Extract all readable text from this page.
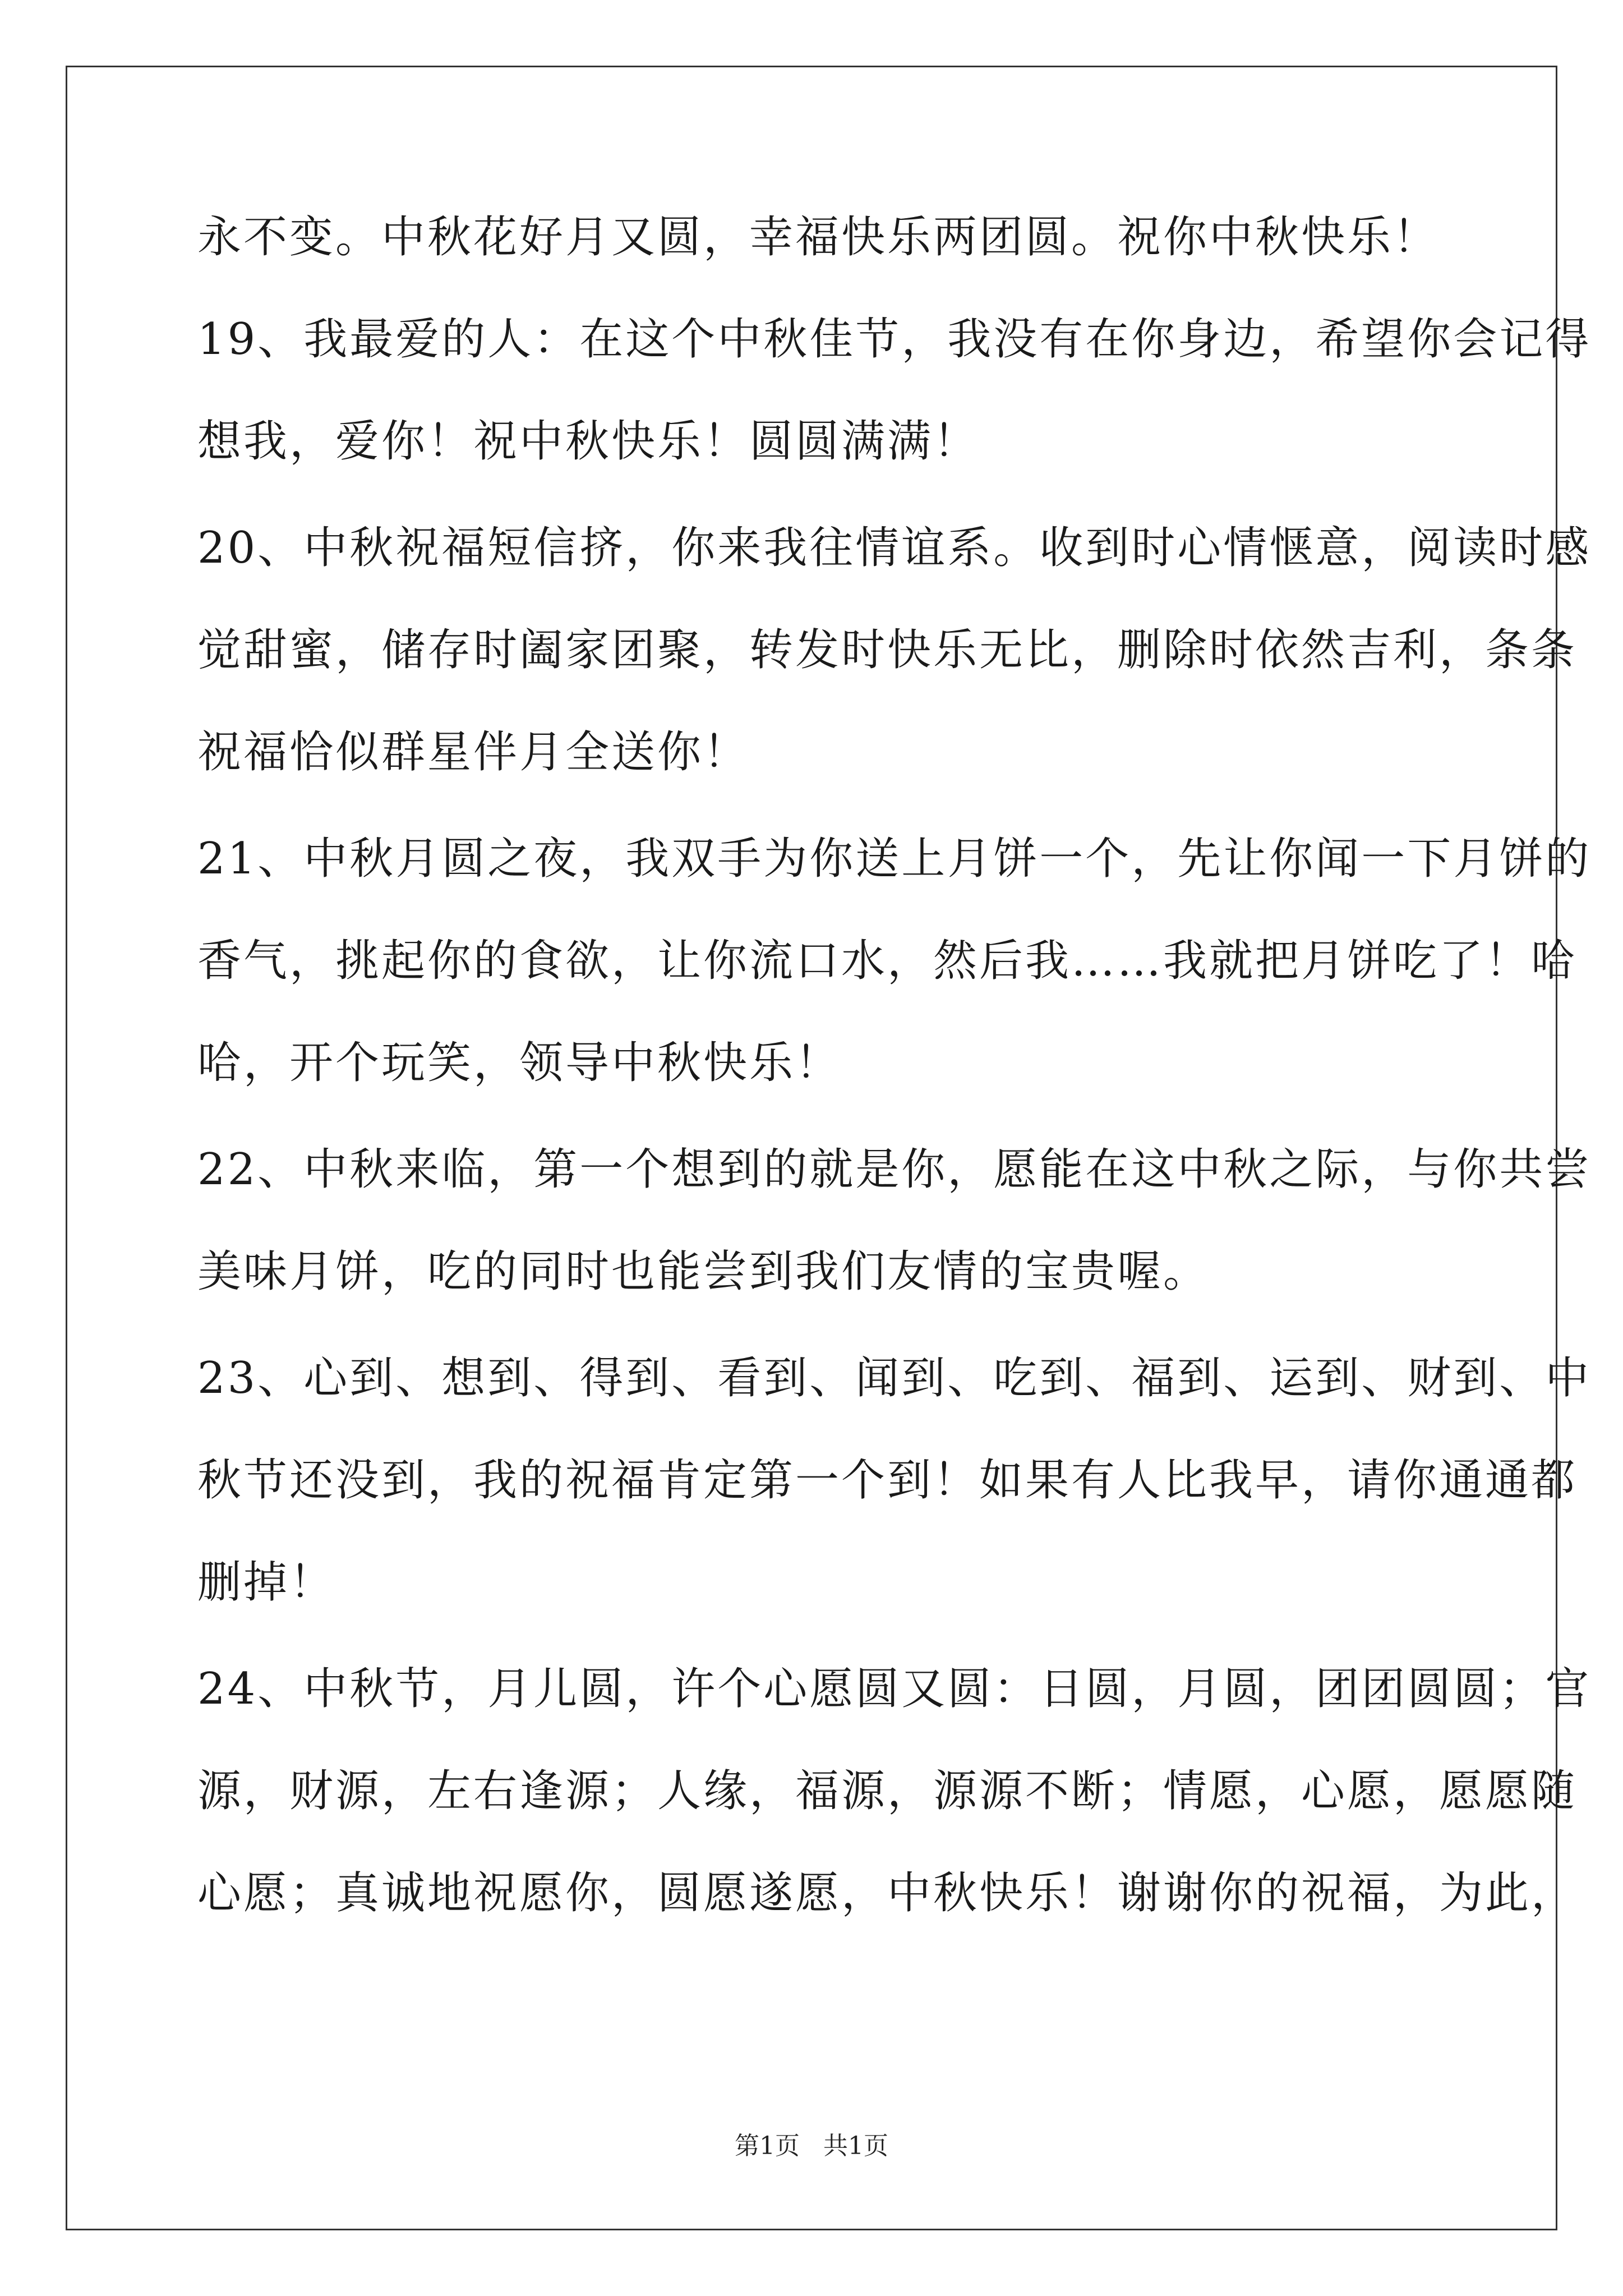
永不变。中秋花好月又圆，幸福快乐两团圆。祝你中秋快乐！
19、我最爱的人：在这个中秋佳节，我没有在你身边，希望你会记得
想我，爱你！祝中秋快乐！圆圆满满！
20、中秋祝福短信挤，你来我往情谊系。收到时心情惬意，阅读时感
觉甜蜜，储存时阖家团聚，转发时快乐无比，删除时依然吉利，条条
祝福恰似群星伴月全送你！
21、中秋月圆之夜，我双手为你送上月饼一个，先让你闻一下月饼的
香气，挑起你的食欲，让你流口水，然后我……我就把月饼吃了！哈
哈，开个玩笑，领导中秋快乐！
22、中秋来临，第一个想到的就是你，愿能在这中秋之际，与你共尝
美味月饼，吃的同时也能尝到我们友情的宝贵喔。
23、心到、想到、得到、看到、闻到、吃到、福到、运到、财到、中
秋节还没到，我的祝福肯定第一个到！如果有人比我早，请你通通都
删掉！
24、中秋节，月儿圆，许个心愿圆又圆：日圆，月圆，团团圆圆；官
源，财源，左右逢源；人缘，福源，源源不断；情愿，心愿，愿愿随
心愿；真诚地祝愿你，圆愿遂愿，中秋快乐！谢谢你的祝福，为此，
第1页   共1页
